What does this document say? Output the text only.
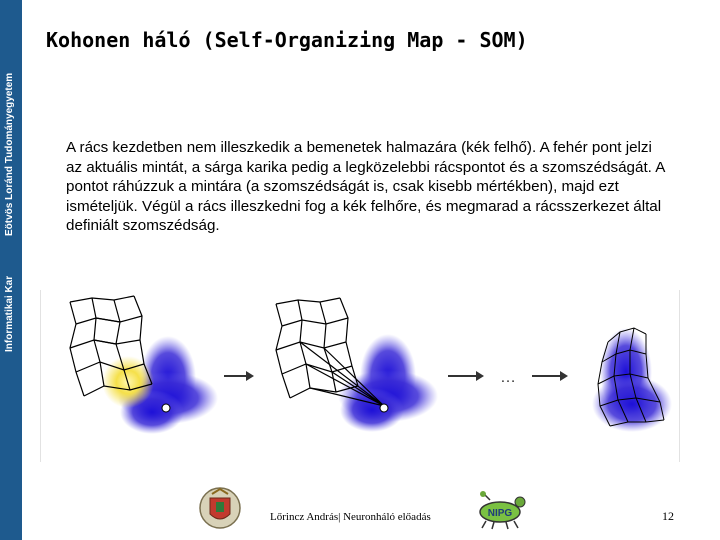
Informatikai Kar
Eötvös Loránd Tudományegyetem
Kohonen háló (Self-Organizing Map - SOM)
A rács kezdetben nem illeszkedik a bemenetek halmazára (kék felhő). A fehér pont jelzi az aktuális mintát, a sárga karika pedig a legközelebbi rácspontot és a szomszédságát. A pontot ráhúzzuk a mintára (a szomszédságát is, csak kisebb mértékben), majd ezt ismételjük. Végül a rács illeszkedni fog a kék felhőre, és megmarad a rácsszerkezet által definiált szomszédság.
…
Lőrincz András| Neuronháló előadás	NIPG	12
